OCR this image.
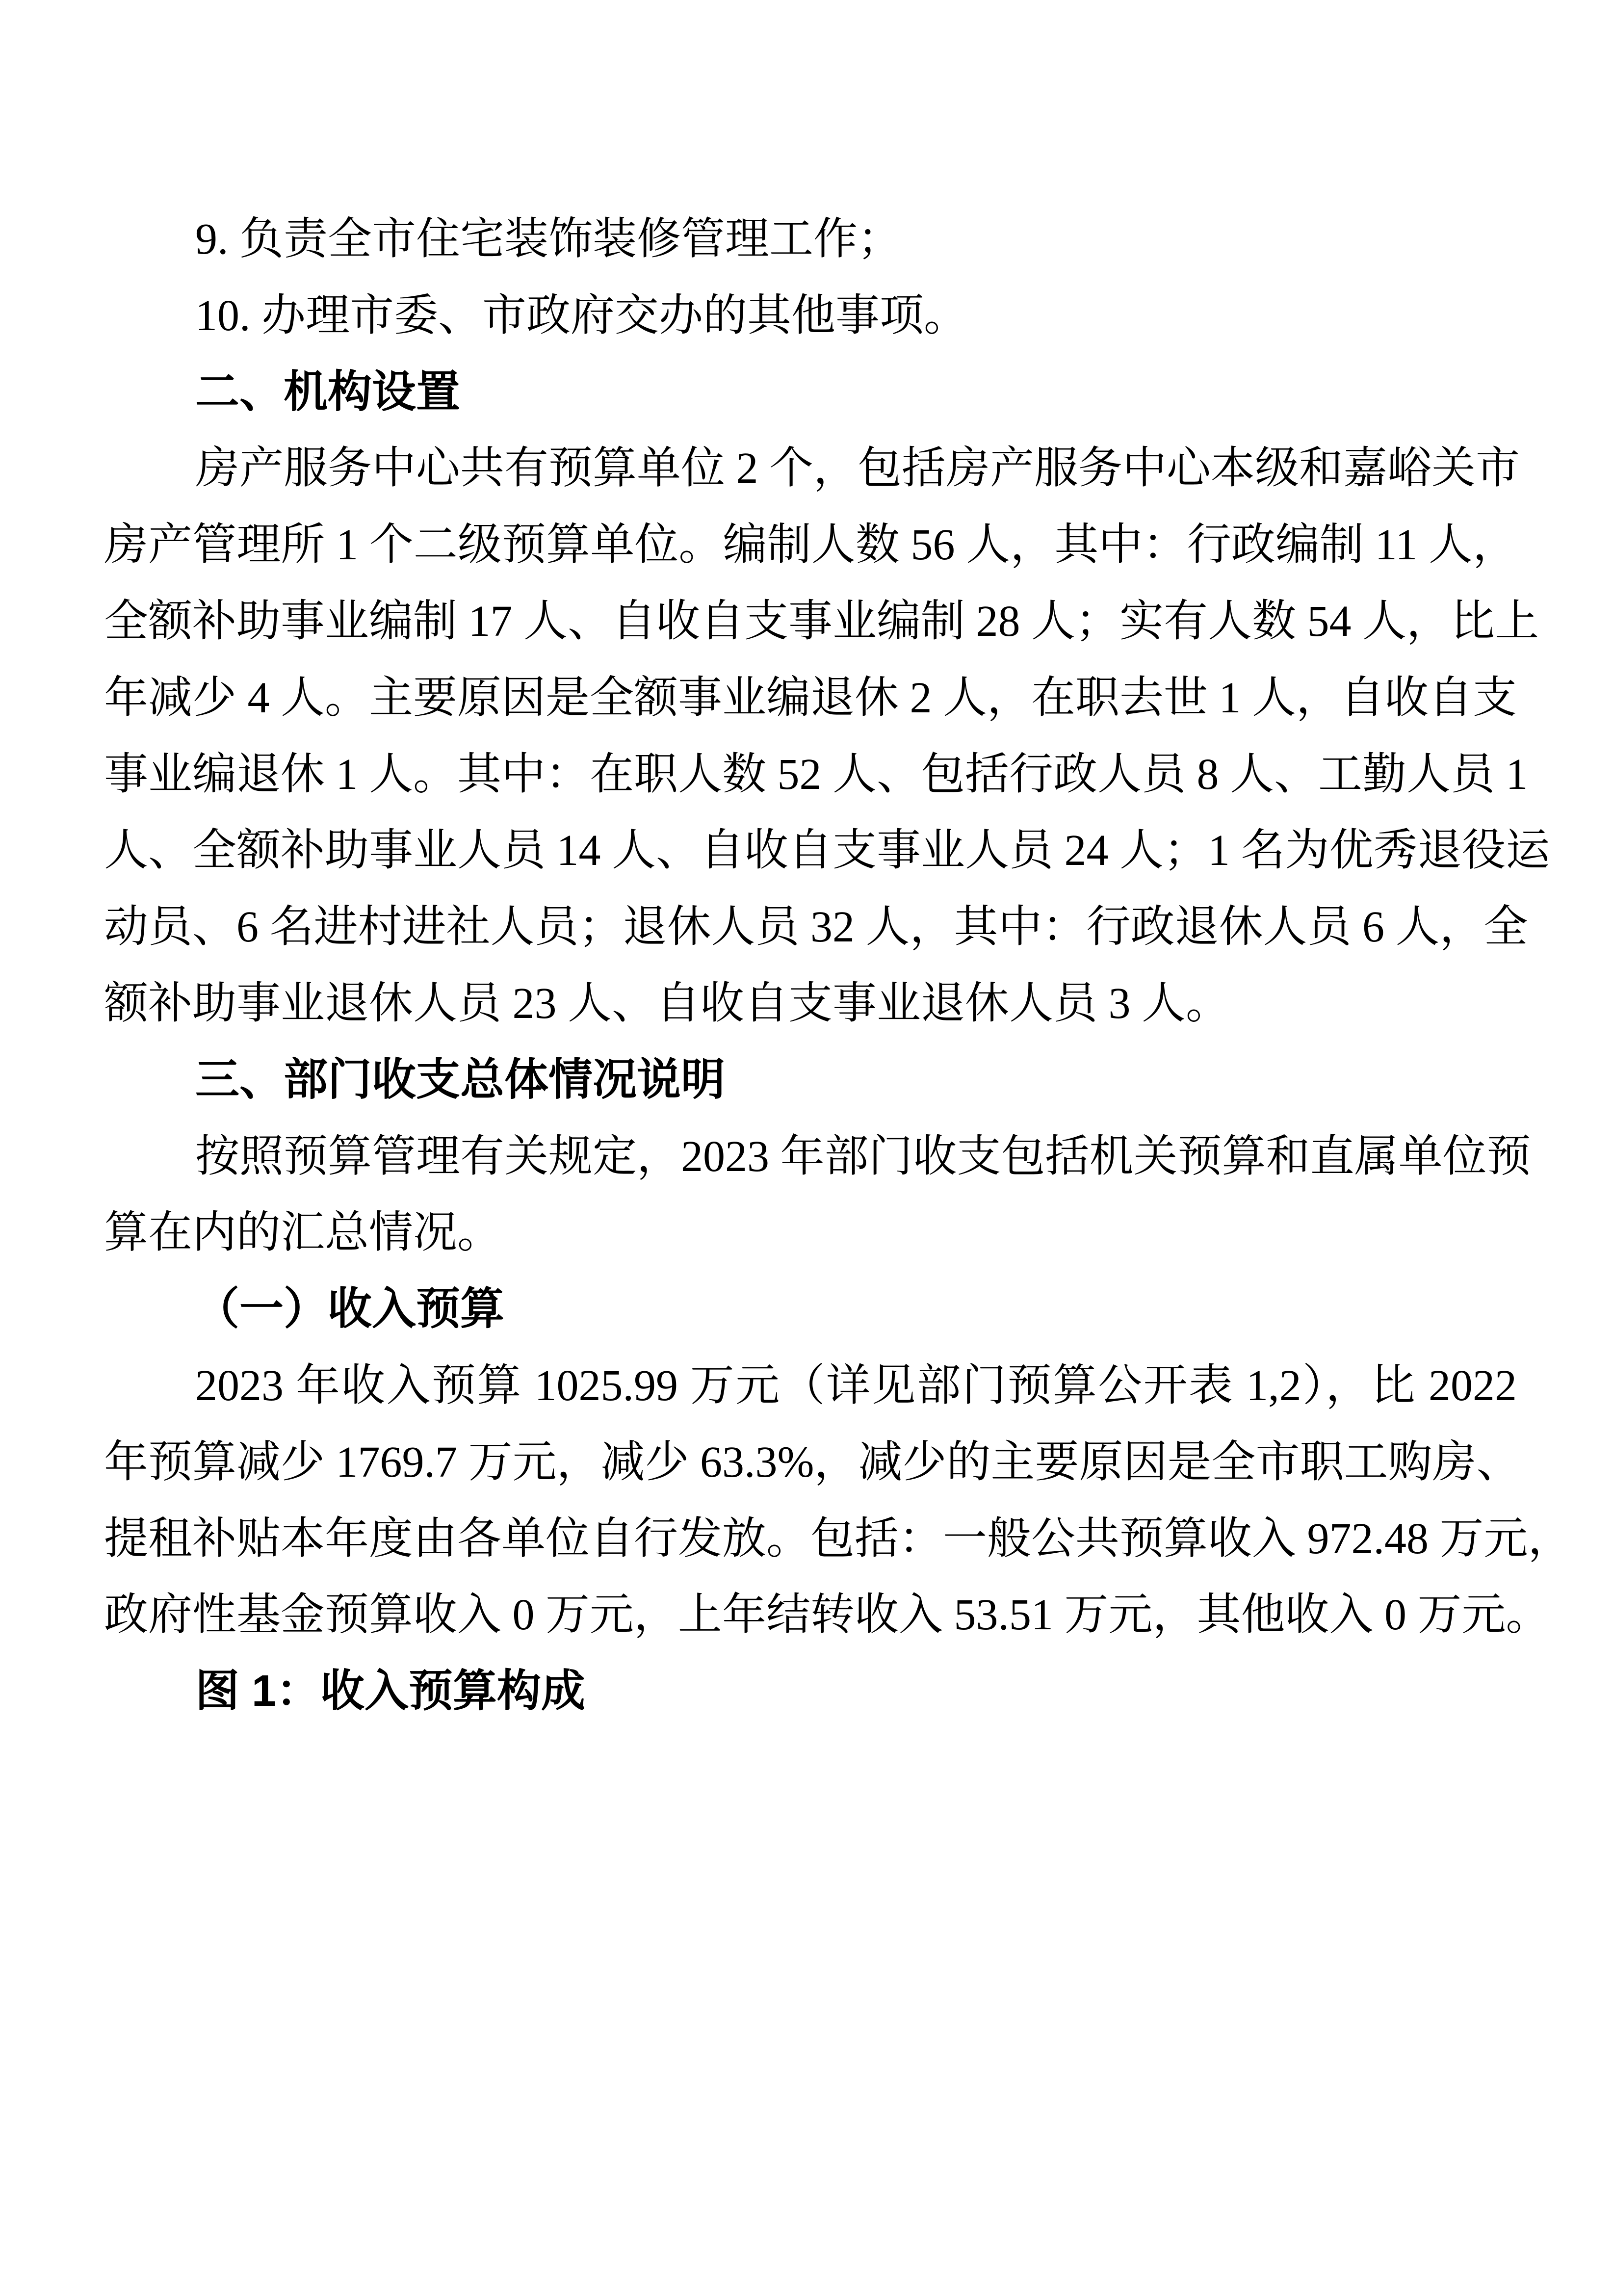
9. 负责全市住宅装饰装修管理工作；
10. 办理市委、市政府交办的其他事项。
二、机构设置
房产服务中心共有预算单位 2 个，包括房产服务中心本级和嘉峪关市
房产管理所 1 个二级预算单位。编制人数 56 人，其中：行政编制 11 人，
全额补助事业编制 17 人、自收自支事业编制 28 人；实有人数 54 人，比上
年减少 4 人。主要原因是全额事业编退休 2 人，在职去世 1 人，自收自支
事业编退休 1 人。其中：在职人数 52 人、包括行政人员 8 人、工勤人员 1
人、全额补助事业人员 14 人、自收自支事业人员 24 人；1 名为优秀退役运
动员、6 名进村进社人员；退休人员 32 人，其中：行政退休人员 6 人，全
额补助事业退休人员 23 人、自收自支事业退休人员 3 人。
三、部门收支总体情况说明
按照预算管理有关规定，2023 年部门收支包括机关预算和直属单位预
算在内的汇总情况。
（一）收入预算
2023 年收入预算 1025.99 万元（详见部门预算公开表 1,2），比 2022
年预算减少 1769.7 万元，减少 63.3%，减少的主要原因是全市职工购房、
提租补贴本年度由各单位自行发放。包括：一般公共预算收入 972.48 万元，
政府性基金预算收入 0 万元，上年结转收入 53.51 万元，其他收入 0 万元。
图 1：收入预算构成
